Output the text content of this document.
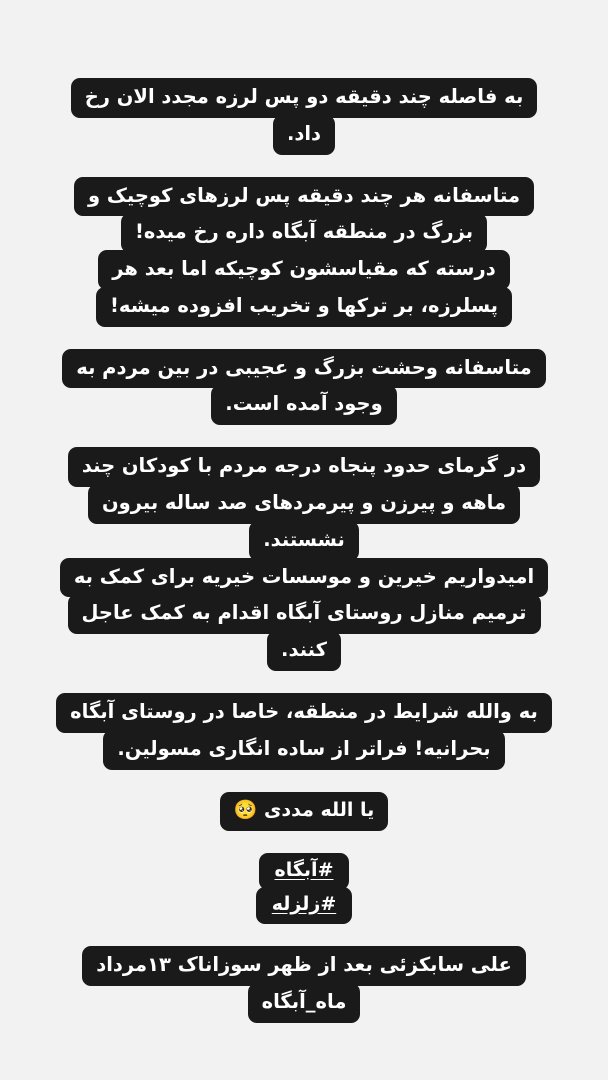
به فاصله چند دقیقه دو پس لرزه مجدد الان رخ
داد.
متاسفانه هر چند دقیقه پس لرزهای کوچیک و
بزرگ در منطقه آبگاه داره رخ میده!
درسته که مقیاسشون کوچیکه اما بعد هر
پسلرزه، بر ترکها و تخریب افزوده میشه!
متاسفانه وحشت بزرگ و عجیبی در بین مردم به
وجود آمده است.
در گرمای حدود پنجاه درجه مردم با کودکان چند
ماهه و پیرزن و پیرمردهای صد ساله بیرون
نشستند.
امیدواریم خیرین و موسسات خیریه برای کمک به
ترمیم منازل روستای آبگاه اقدام به کمک عاجل
کنند.
به والله شرایط در منطقه، خاصا در روستای آبگاه
بحرانیه! فراتر از ساده انگاری مسولین.
یا الله مددی 🥺
#آبگاه
#زلزله
علی سابکزئی بعد از ظهر سوزاناک ۱۳مرداد
ماه_آبگاه
